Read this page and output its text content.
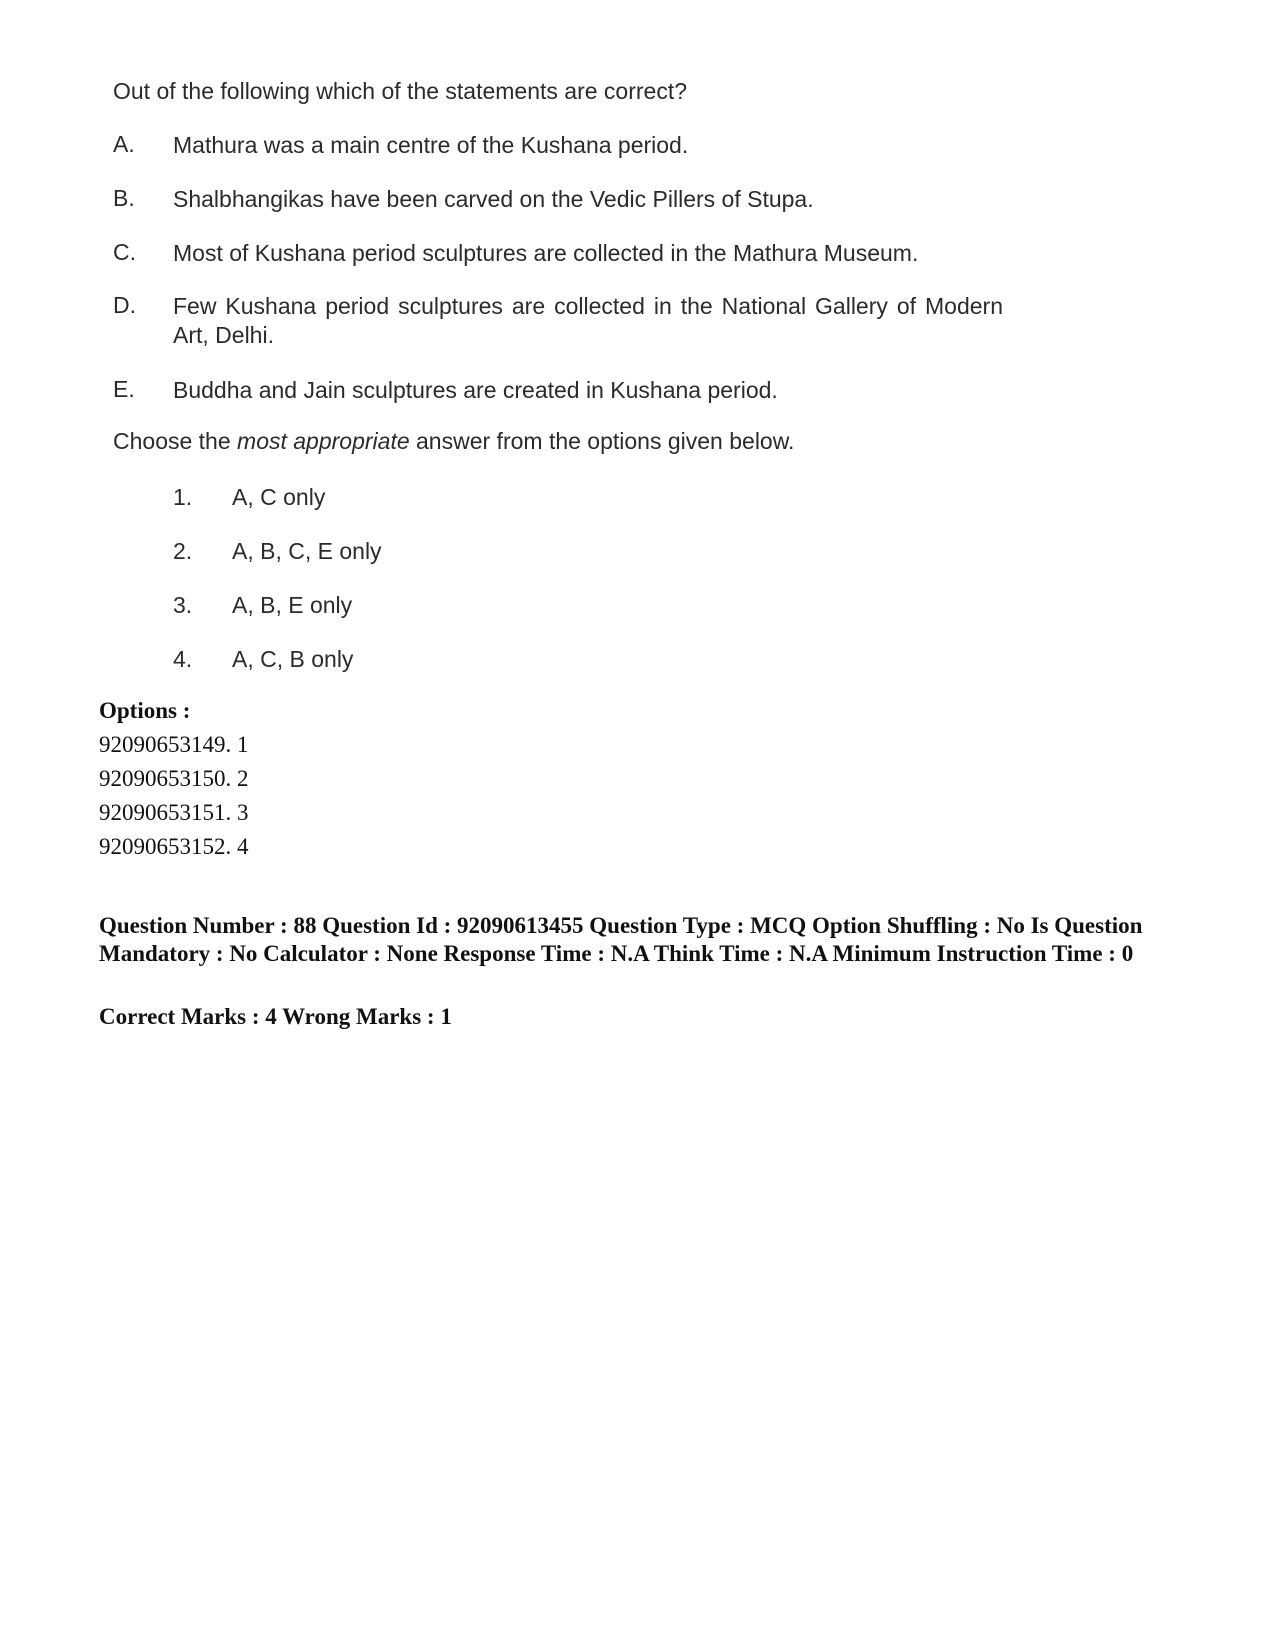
Out of the following which of the statements are correct?
A. Mathura was a main centre of the Kushana period.
B. Shalbhangikas have been carved on the Vedic Pillers of Stupa.
C. Most of Kushana period sculptures are collected in the Mathura Museum.
D. Few Kushana period sculptures are collected in the National Gallery of Modern Art, Delhi.
E. Buddha and Jain sculptures are created in Kushana period.
Choose the most appropriate answer from the options given below.
1. A, C only
2. A, B, C, E only
3. A, B, E only
4. A, C, B only
Options :
92090653149. 1
92090653150. 2
92090653151. 3
92090653152. 4
Question Number : 88 Question Id : 92090613455 Question Type : MCQ Option Shuffling : No Is Question Mandatory : No Calculator : None Response Time : N.A Think Time : N.A Minimum Instruction Time : 0
Correct Marks : 4 Wrong Marks : 1
